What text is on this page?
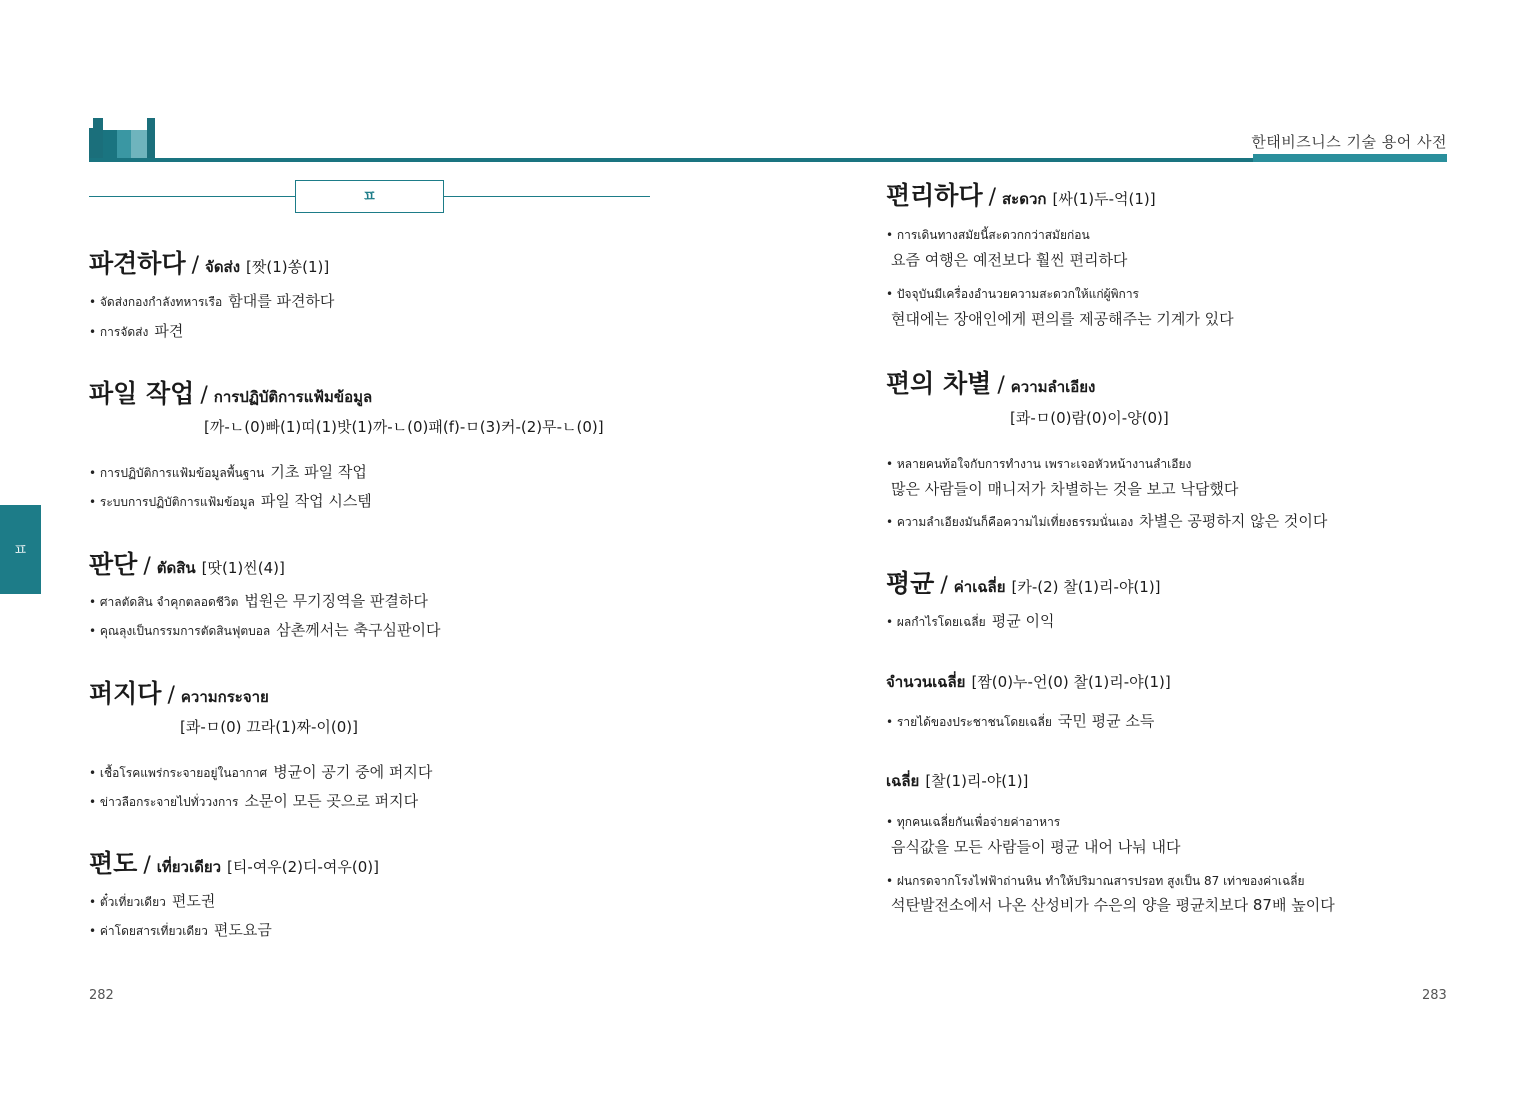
한태비즈니스 기술 용어 사전
ㅍ
ㅍ
파견하다 / จัดส่ง [짯(1)쏭(1)]
• จัดส่งกองกำลังทหารเรือ 함대를 파견하다
• การจัดส่ง 파견
파일 작업 / การปฏิบัติการแฟ้มข้อมูล
[까-ㄴ(0)빠(1)띠(1)밧(1)까-ㄴ(0)패(f)-ㅁ(3)커-(2)무-ㄴ(0)]
• การปฏิบัติการแฟ้มข้อมูลพื้นฐาน 기초 파일 작업
• ระบบการปฏิบัติการแฟ้มข้อมูล 파일 작업 시스템
판단 / ตัดสิน [땃(1)씬(4)]
• ศาลตัดสิน จำคุกตลอดชีวิต 법원은 무기징역을 판결하다
• คุณลุงเป็นกรรมการตัดสินฟุตบอล 삼촌께서는 축구심판이다
퍼지다 / ความกระจาย
[콰-ㅁ(0) 끄라(1)짜-이(0)]
• เชื้อโรคแพร่กระจายอยู่ในอากาศ 병균이 공기 중에 퍼지다
• ข่าวลือกระจายไปทั่ววงการ 소문이 모든 곳으로 퍼지다
편도 / เที่ยวเดียว [티-여우(2)디-여우(0)]
• ตั๋วเที่ยวเดียว 편도권
• ค่าโดยสารเที่ยวเดียว 편도요금
282
편리하다 / สะดวก [싸(1)두-억(1)]
• การเดินทางสมัยนี้สะดวกกว่าสมัยก่อน
요즘 여행은 예전보다 훨씬 편리하다
• ปัจจุบันมีเครื่องอำนวยความสะดวกให้แก่ผู้พิการ
현대에는 장애인에게 편의를 제공해주는 기계가 있다
편의 차별 / ความลำเอียง
[콰-ㅁ(0)람(0)이-양(0)]
• หลายคนท้อใจกับการทำงาน เพราะเจอหัวหน้างานลำเอียง
많은 사람들이 매니저가 차별하는 것을 보고 낙담했다
• ความลำเอียงมันก็คือความไม่เที่ยงธรรมนั่นเอง 차별은 공평하지 않은 것이다
평균 / ค่าเฉลี่ย [카-(2) 찰(1)리-야(1)]
• ผลกำไรโดยเฉลี่ย 평균 이익
จำนวนเฉลี่ย [짬(0)누-언(0) 찰(1)리-야(1)]
• รายได้ของประชาชนโดยเฉลี่ย 국민 평균 소득
เฉลี่ย [찰(1)리-야(1)]
• ทุกคนเฉลี่ยกันเพื่อจ่ายค่าอาหาร
음식값을 모든 사람들이 평균 내어 나눠 내다
• ฝนกรดจากโรงไฟฟ้าถ่านหิน ทำให้ปริมาณสารปรอท สูงเป็น 87 เท่าของค่าเฉลี่ย
석탄발전소에서 나온 산성비가 수은의 양을 평균치보다 87배 높이다
283
